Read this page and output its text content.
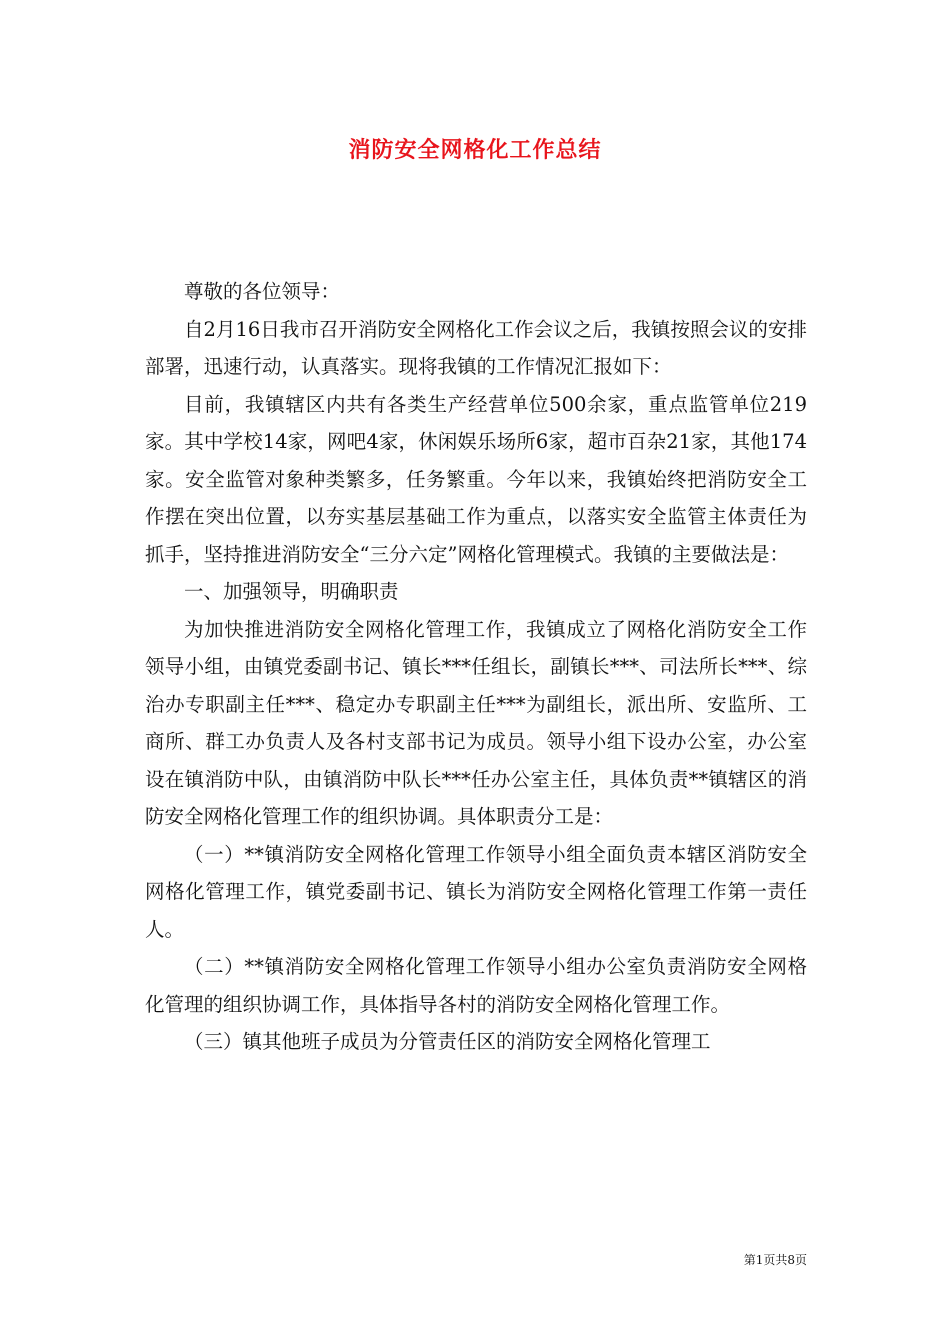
消防安全网格化工作总结

尊敬的各位领导：

自2月16日我市召开消防安全网格化工作会议之后，我镇按照会议的安排部署，迅速行动，认真落实。现将我镇的工作情况汇报如下：

目前，我镇辖区内共有各类生产经营单位500余家，重点监管单位219家。其中学校14家，网吧4家，休闲娱乐场所6家，超市百杂21家，其他174家。安全监管对象种类繁多，任务繁重。今年以来，我镇始终把消防安全工作摆在突出位置，以夯实基层基础工作为重点，以落实安全监管主体责任为抓手，坚持推进消防安全“三分六定”网格化管理模式。我镇的主要做法是：

一、加强领导，明确职责

为加快推进消防安全网格化管理工作，我镇成立了网格化消防安全工作领导小组，由镇党委副书记、镇长***任组长，副镇长***、司法所长***、综治办专职副主任***、稳定办专职副主任***为副组长，派出所、安监所、工商所、群工办负责人及各村支部书记为成员。领导小组下设办公室，办公室设在镇消防中队，由镇消防中队长***任办公室主任，具体负责**镇辖区的消防安全网格化管理工作的组织协调。具体职责分工是：

（一）**镇消防安全网格化管理工作领导小组全面负责本辖区消防安全网格化管理工作，镇党委副书记、镇长为消防安全网格化管理工作第一责任人。

（二）**镇消防安全网格化管理工作领导小组办公室负责消防安全网格化管理的组织协调工作，具体指导各村的消防安全网格化管理工作。

（三）镇其他班子成员为分管责任区的消防安全网格化管理工

第1页共8页
